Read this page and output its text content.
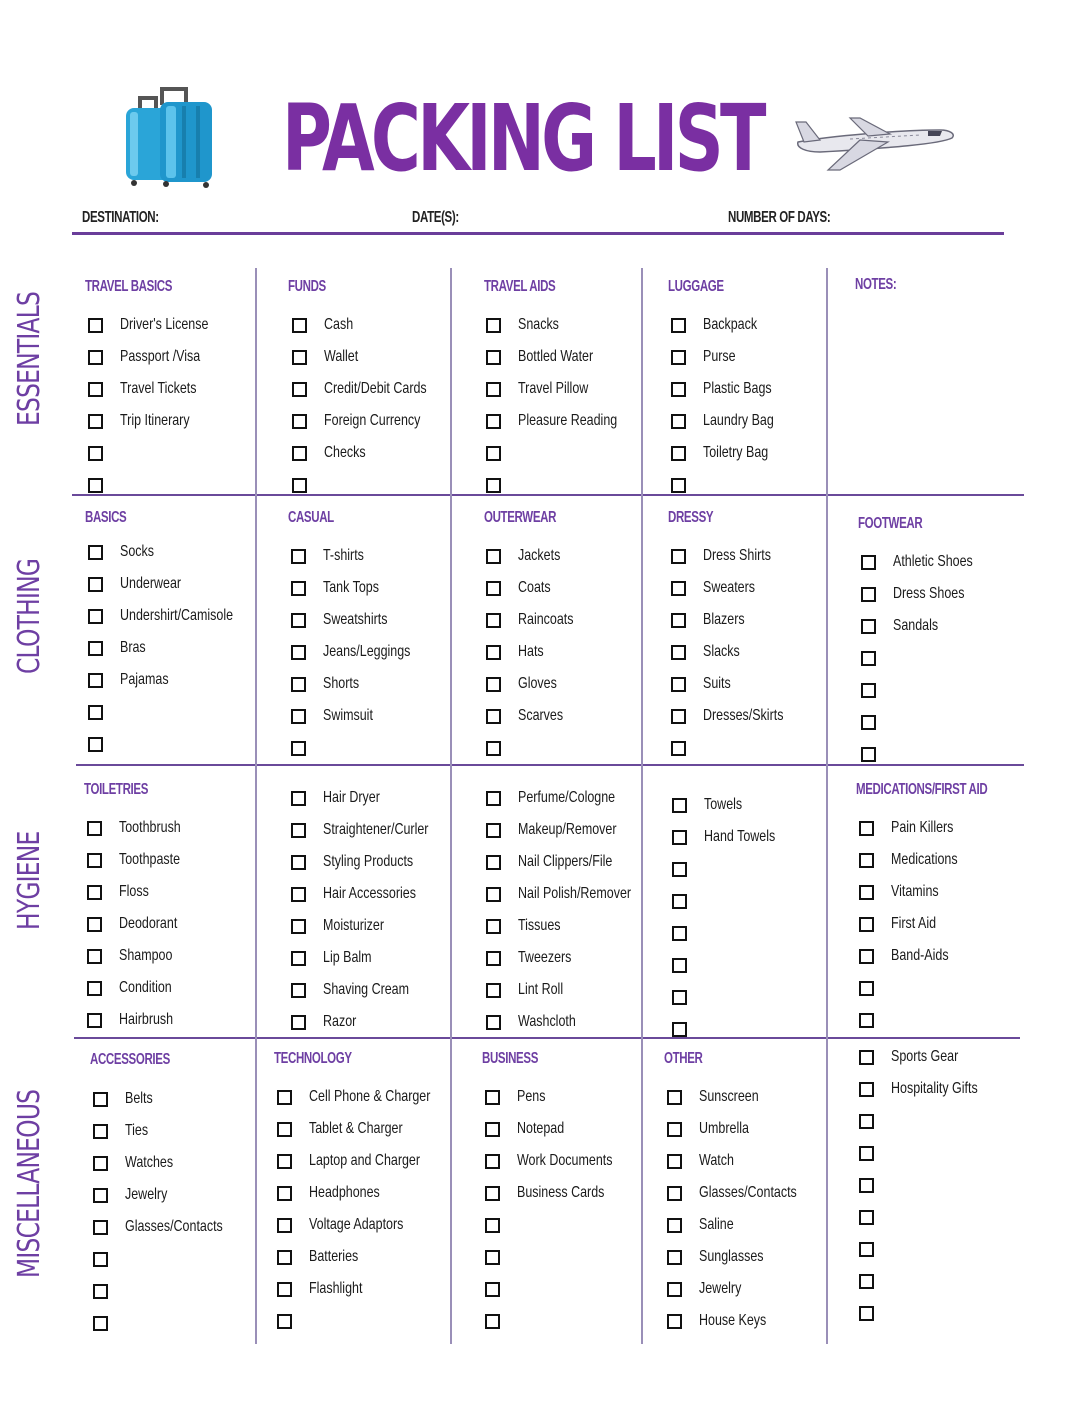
PACKING LIST
DESTINATION:	DATE(S):	NUMBER OF DAYS:
ESSENTIALS
CLOTHING
HYGIENE
MISCELLANEOUS
TRAVEL BASICS
Driver's License
Passport /Visa
Travel Tickets
Trip Itinerary
FUNDS
Cash
Wallet
Credit/Debit Cards
Foreign Currency
Checks
TRAVEL AIDS
Snacks
Bottled Water
Travel Pillow
Pleasure Reading
LUGGAGE
Backpack
Purse
Plastic Bags
Laundry Bag
Toiletry Bag
NOTES:
BASICS
Socks
Underwear
Undershirt/Camisole
Bras
Pajamas
CASUAL
T-shirts
Tank Tops
Sweatshirts
Jeans/Leggings
Shorts
Swimsuit
OUTERWEAR
Jackets
Coats
Raincoats
Hats
Gloves
Scarves
DRESSY
Dress Shirts
Sweaters
Blazers
Slacks
Suits
Dresses/Skirts
FOOTWEAR
Athletic Shoes
Dress Shoes
Sandals
TOILETRIES
Toothbrush
Toothpaste
Floss
Deodorant
Shampoo
Condition
Hairbrush
Hair Dryer
Straightener/Curler
Styling Products
Hair Accessories
Moisturizer
Lip Balm
Shaving Cream
Razor
Perfume/Cologne
Makeup/Remover
Nail Clippers/File
Nail Polish/Remover
Tissues
Tweezers
Lint Roll
Washcloth
Towels
Hand Towels
MEDICATIONS/FIRST AID
Pain Killers
Medications
Vitamins
First Aid
Band-Aids
ACCESSORIES
Belts
Ties
Watches
Jewelry
Glasses/Contacts
TECHNOLOGY
Cell Phone & Charger
Tablet & Charger
Laptop and Charger
Headphones
Voltage Adaptors
Batteries
Flashlight
BUSINESS
Pens
Notepad
Work Documents
Business Cards
OTHER
Sunscreen
Umbrella
Watch
Glasses/Contacts
Saline
Sunglasses
Jewelry
House Keys
Sports Gear
Hospitality Gifts
